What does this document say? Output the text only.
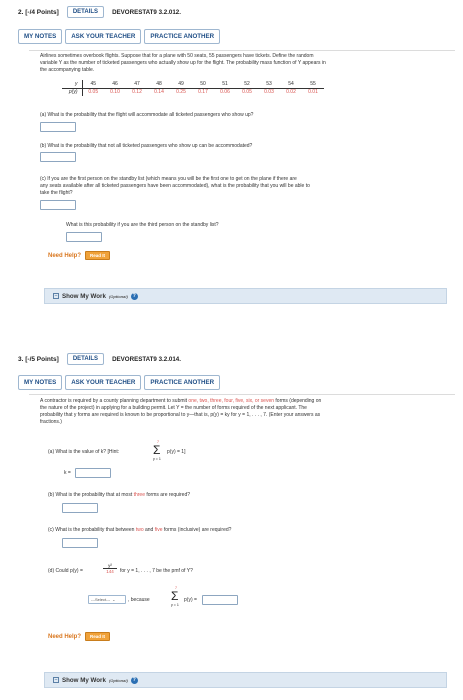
2. [-/4 Points]	DETAILS	DEVORESTAT9 3.2.012.
MY NOTES	ASK YOUR TEACHER	PRACTICE ANOTHER
Airlines sometimes overbook flights. Suppose that for a plane with 50 seats, 55 passengers have tickets. Define the random
variable Y as the number of ticketed passengers who actually show up for the flight. The probability mass function of Y appears in
the accompanying table.
y	45	46	47	48	49	50	51	52	53	54	55
p(y)	0.05	0.10	0.12	0.14	0.25	0.17	0.06	0.05	0.03	0.02	0.01
(a) What is the probability that the flight will accommodate all ticketed passengers who show up?
(b) What is the probability that not all ticketed passengers who show up can be accommodated?
(c) If you are the first person on the standby list (which means you will be the first one to get on the plane if there are
any seats available after all ticketed passengers have been accommodated), what is the probability that you will be able to
take the flight?
What is this probability if you are the third person on the standby list?
Need Help?	Read It
– Show My Work (Optional) ?
3. [-/5 Points]	DETAILS	DEVORESTAT9 3.2.014.
MY NOTES	ASK YOUR TEACHER	PRACTICE ANOTHER
A contractor is required by a county planning department to submit one, two, three, four, five, six, or seven forms (depending on
the nature of the project) in applying for a building permit. Let Y = the number of forms required of the next applicant. The
probability that y forms are required is known to be proportional to y—that is, p(y) = ky for y = 1, . . . , 7. (Enter your answers as
fractions.)
(a) What is the value of k? [Hint:
7
Σ
y = 1
p(y) = 1]
k =
(b) What is the probability that at most three forms are required?
(c) What is the probability that between two and five forms (inclusive) are required?
(d) Could p(y) =	$\frac{\text{y²}}{144}$ for y = 1, . . . , 7 be the pmf of Y?
---Select--- ⌄	, because
7
Σ
y = 1
p(y) =
Need Help?	Read It
– Show My Work (Optional) ?
